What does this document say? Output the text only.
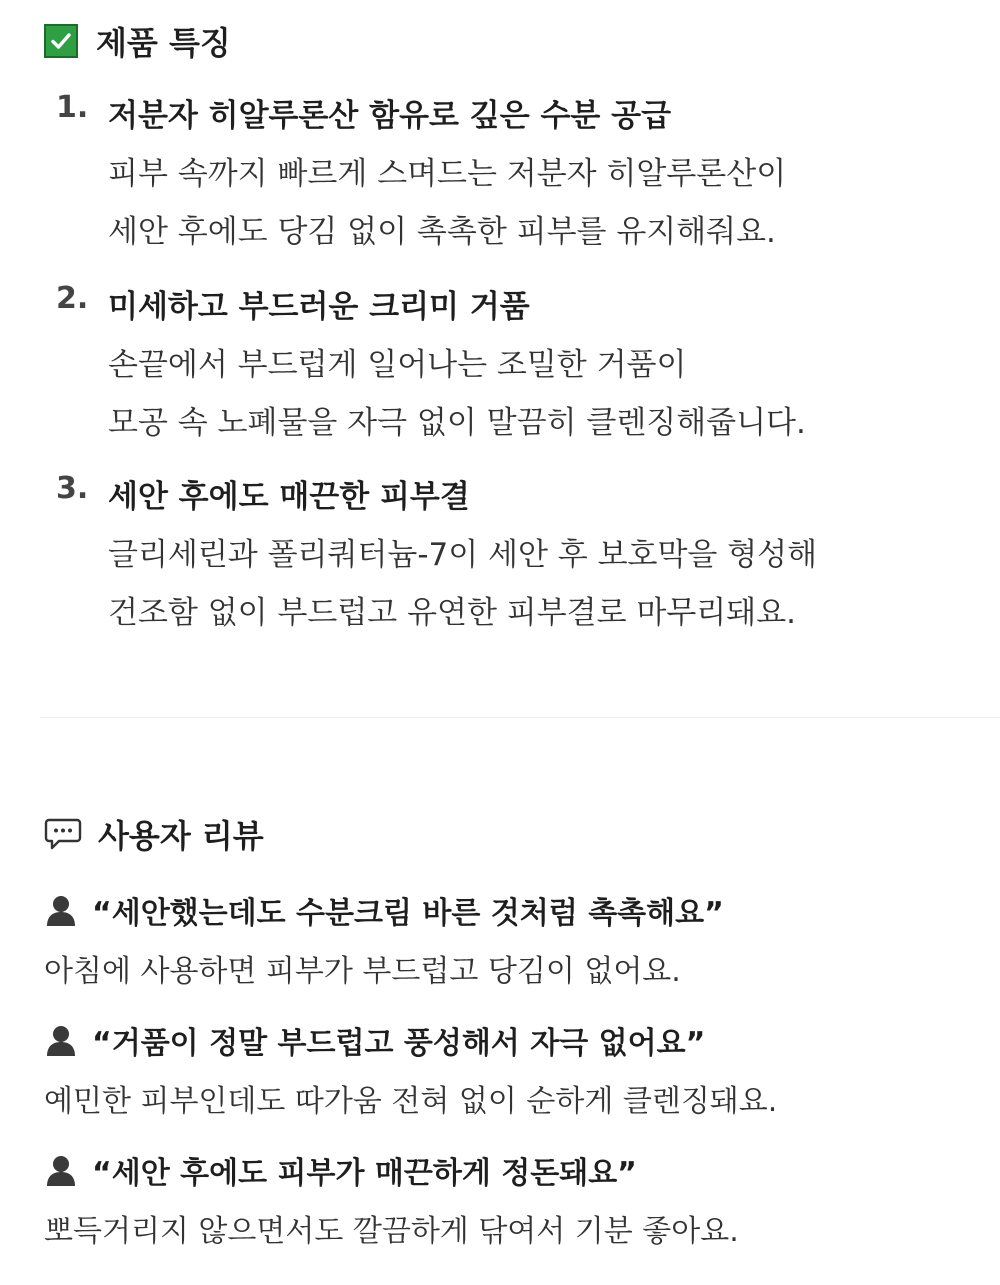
제품 특징
1. 저분자 히알루론산 함유로 깊은 수분 공급
피부 속까지 빠르게 스며드는 저분자 히알루론산이
세안 후에도 당김 없이 촉촉한 피부를 유지해줘요.
2. 미세하고 부드러운 크리미 거품
손끝에서 부드럽게 일어나는 조밀한 거품이
모공 속 노폐물을 자극 없이 말끔히 클렌징해줍니다.
3. 세안 후에도 매끈한 피부결
글리세린과 폴리쿼터늄-7이 세안 후 보호막을 형성해
건조함 없이 부드럽고 유연한 피부결로 마무리돼요.
사용자 리뷰
“세안했는데도 수분크림 바른 것처럼 촉촉해요”
아침에 사용하면 피부가 부드럽고 당김이 없어요.
“거품이 정말 부드럽고 풍성해서 자극 없어요”
예민한 피부인데도 따가움 전혀 없이 순하게 클렌징돼요.
“세안 후에도 피부가 매끈하게 정돈돼요”
뽀득거리지 않으면서도 깔끔하게 닦여서 기분 좋아요.
